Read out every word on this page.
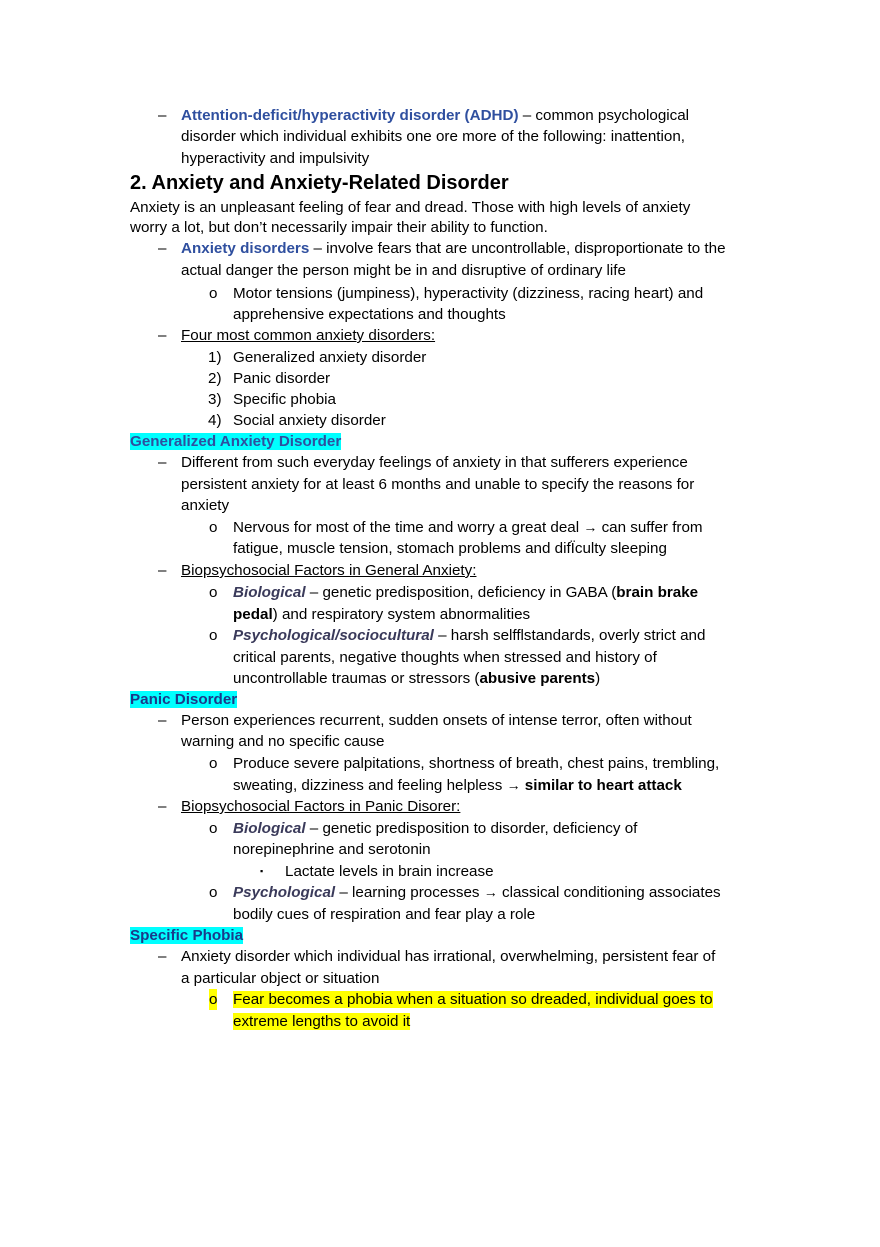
– Attention-deficit/hyperactivity disorder (ADHD) – common psychological
disorder which individual exhibits one ore more of the following: inattention,
hyperactivity and impulsivity
2. Anxiety and Anxiety-Related Disorder
Anxiety is an unpleasant feeling of fear and dread. Those with high levels of anxiety
worry a lot, but don’t necessarily impair their ability to function.
– Anxiety disorders – involve fears that are uncontrollable, disproportionate to the
actual danger the person might be in and disruptive of ordinary life
o Motor tensions (jumpiness), hyperactivity (dizziness, racing heart) and
apprehensive expectations and thoughts
– Four most common anxiety disorders:
1) Generalized anxiety disorder
2) Panic disorder
3) Specific phobia
4) Social anxiety disorder
Generalized Anxiety Disorder
– Different from such everyday feelings of anxiety in that sufferers experience
persistent anxiety for at least 6 months and unable to specify the reasons for
anxiety
o Nervous for most of the time and worry a great deal → can suffer from
fatigue, muscle tension, stomach problems and difÏculty sleeping
– Biopsychosocial Factors in General Anxiety:
o Biological – genetic predisposition, deficiency in GABA (brain brake
pedal) and respiratory system abnormalities
o Psychological/sociocultural – harsh selfflstandards, overly strict and
critical parents, negative thoughts when stressed and history of
uncontrollable traumas or stressors (abusive parents)
Panic Disorder
– Person experiences recurrent, sudden onsets of intense terror, often without
warning and no specific cause
o Produce severe palpitations, shortness of breath, chest pains, trembling,
sweating, dizziness and feeling helpless → similar to heart attack
– Biopsychosocial Factors in Panic Disorer:
o Biological – genetic predisposition to disorder, deficiency of
norepinephrine and serotonin
▪ Lactate levels in brain increase
o Psychological – learning processes → classical conditioning associates
bodily cues of respiration and fear play a role
Specific Phobia
– Anxiety disorder which individual has irrational, overwhelming, persistent fear of
a particular object or situation
o Fear becomes a phobia when a situation so dreaded, individual goes to
extreme lengths to avoid it
